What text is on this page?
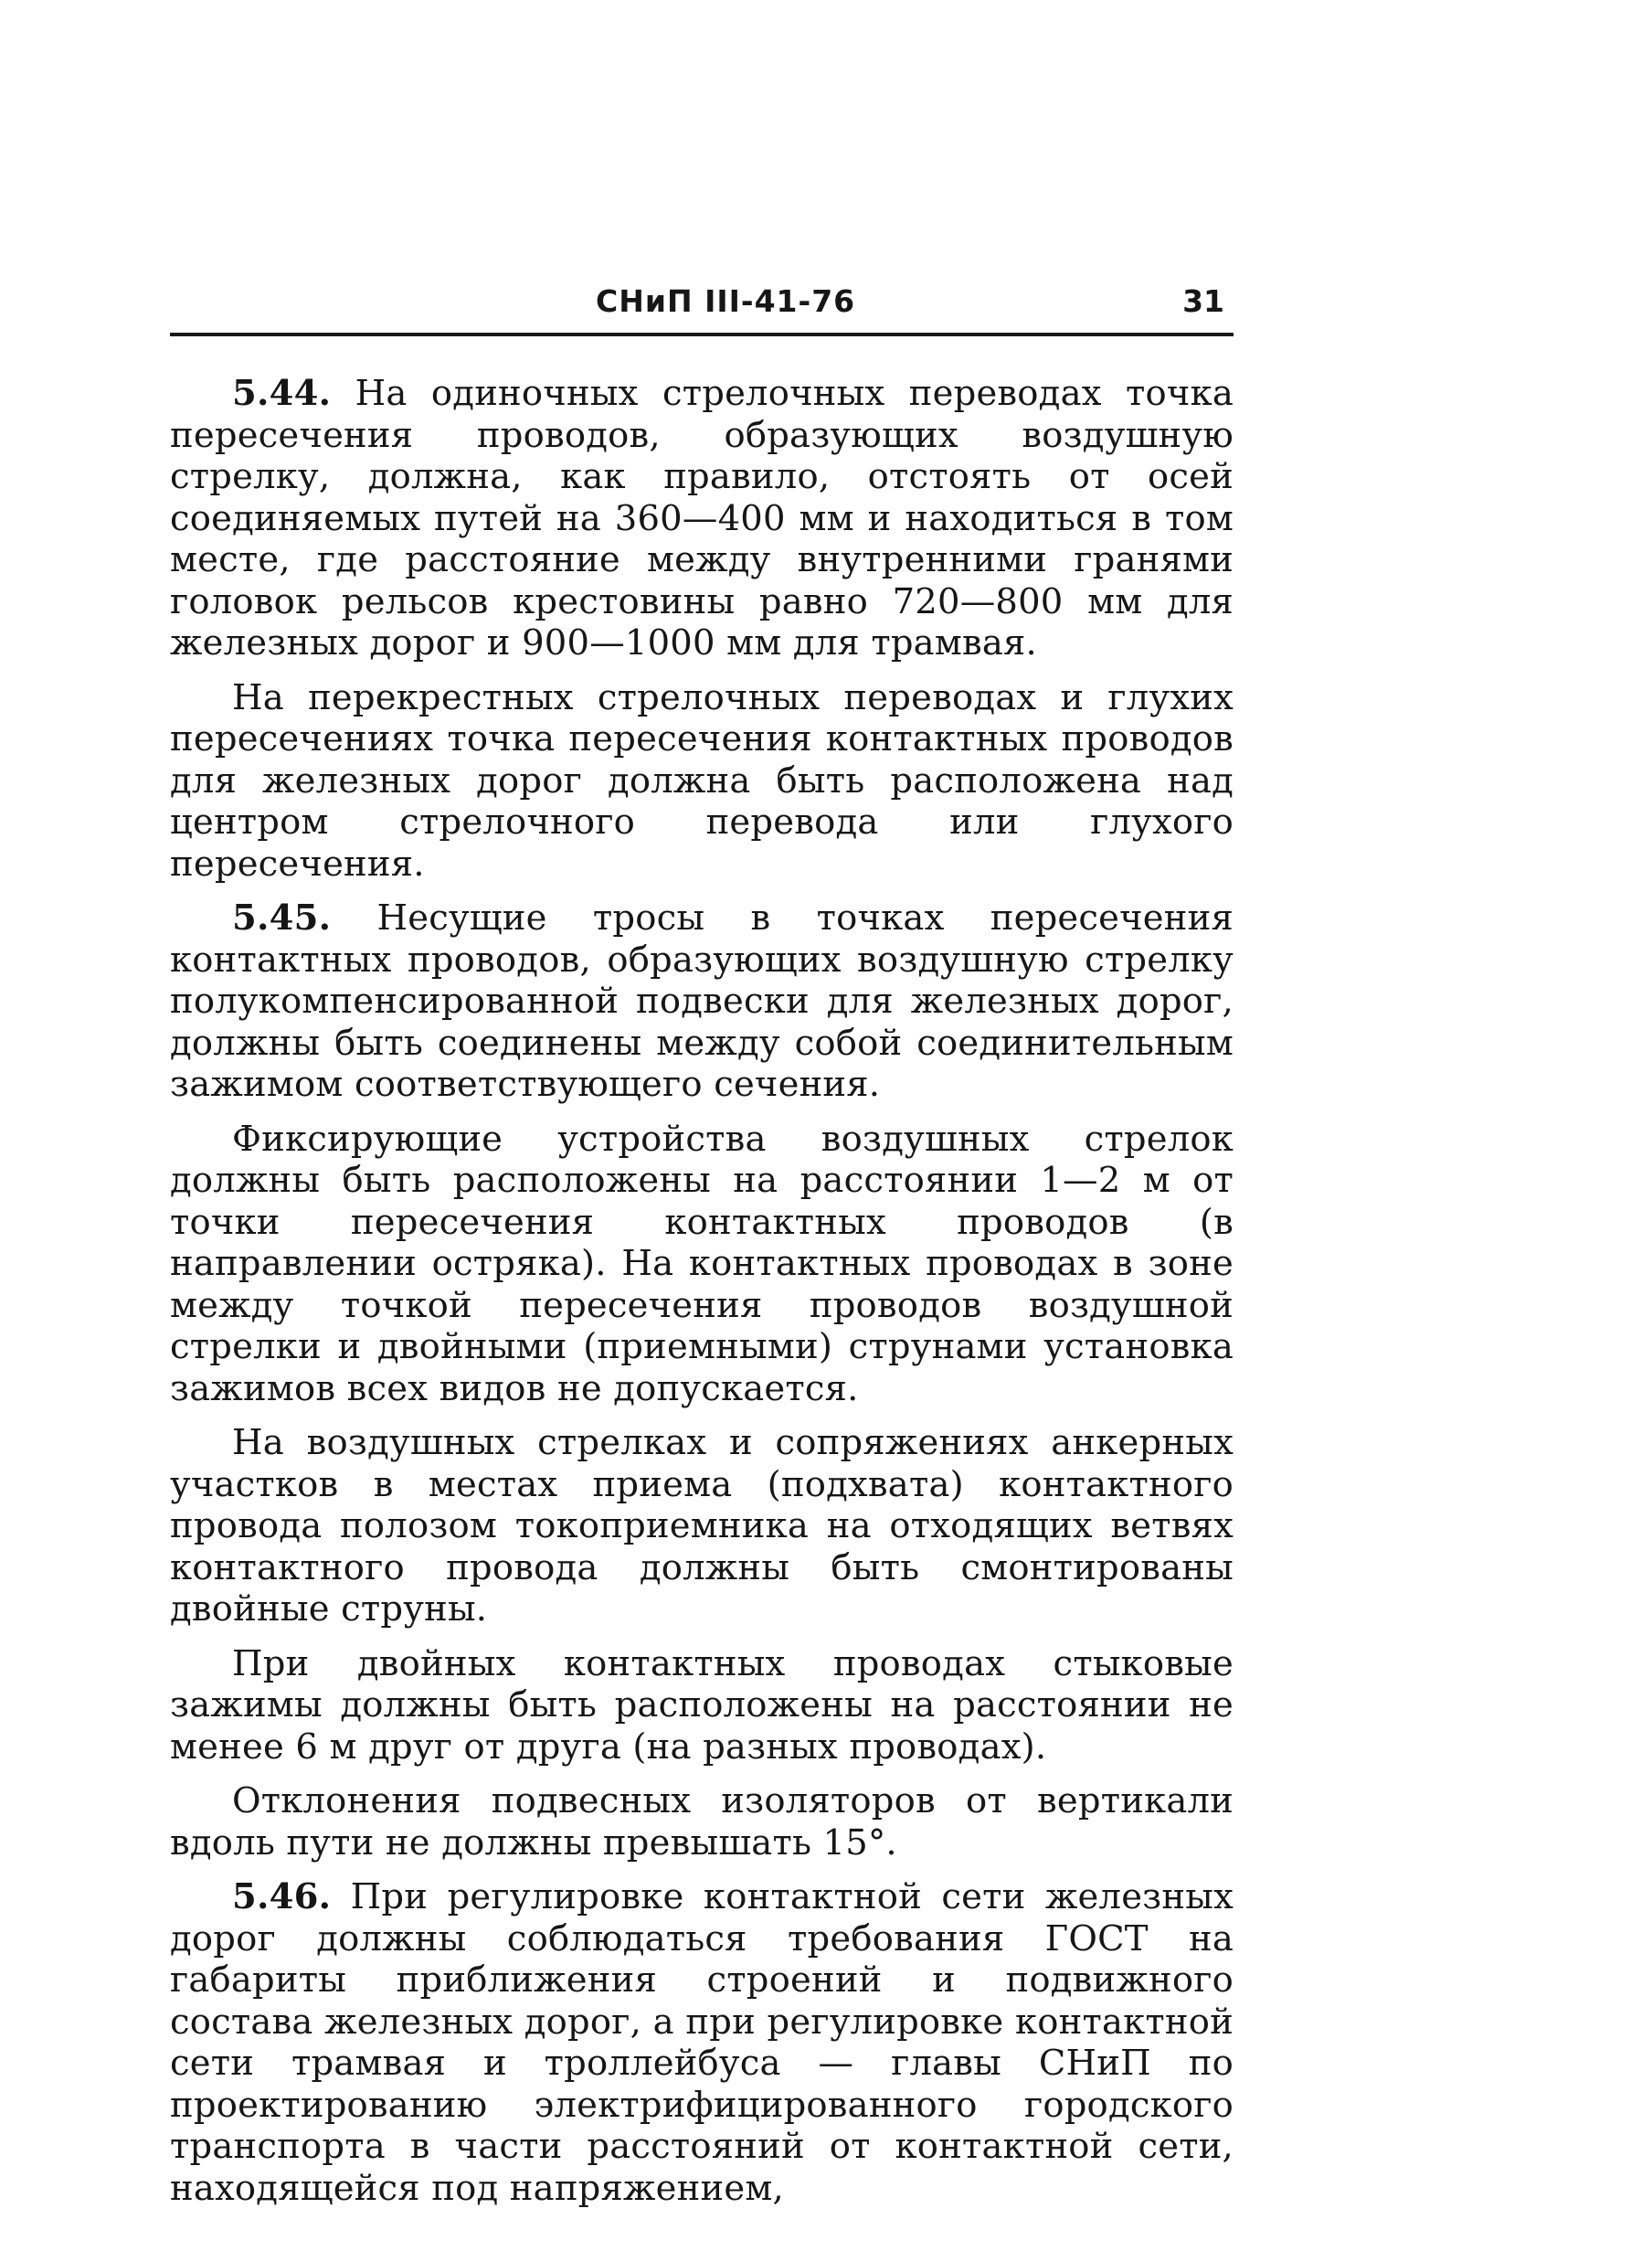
СНиП III-41-76	31

5.44. На одиночных стрелочных переводах точка пересечения проводов, образующих воздушную стрелку, должна, как правило, отстоять от осей соединяемых путей на 360—400 мм и находиться в том месте, где расстояние между внутренними гранями головок рельсов крестовины равно 720—800 мм для железных дорог и 900—1000 мм для трамвая.

На перекрестных стрелочных переводах и глухих пересечениях точка пересечения контактных проводов для железных дорог должна быть расположена над центром стрелочного перевода или глухого пересечения.

5.45. Несущие тросы в точках пересечения контактных проводов, образующих воздушную стрелку полукомпенсированной подвески для железных дорог, должны быть соединены между собой соединительным зажимом соответствующего сечения.

Фиксирующие устройства воздушных стрелок должны быть расположены на расстоянии 1—2 м от точки пересечения контактных проводов (в направлении остряка). На контактных проводах в зоне между точкой пересечения проводов воздушной стрелки и двойными (приемными) струнами установка зажимов всех видов не допускается.

На воздушных стрелках и сопряжениях анкерных участков в местах приема (подхвата) контактного провода полозом токоприемника на отходящих ветвях контактного провода должны быть смонтированы двойные струны.

При двойных контактных проводах стыковые зажимы должны быть расположены на расстоянии не менее 6 м друг от друга (на разных проводах).

Отклонения подвесных изоляторов от вертикали вдоль пути не должны превышать 15°.

5.46. При регулировке контактной сети железных дорог должны соблюдаться требования ГОСТ на габариты приближения строений и подвижного состава железных дорог, а при регулировке контактной сети трамвая и троллейбуса — главы СНиП по проектированию электрифицированного городского транспорта в части расстояний от контактной сети, находящейся под напряжением,
